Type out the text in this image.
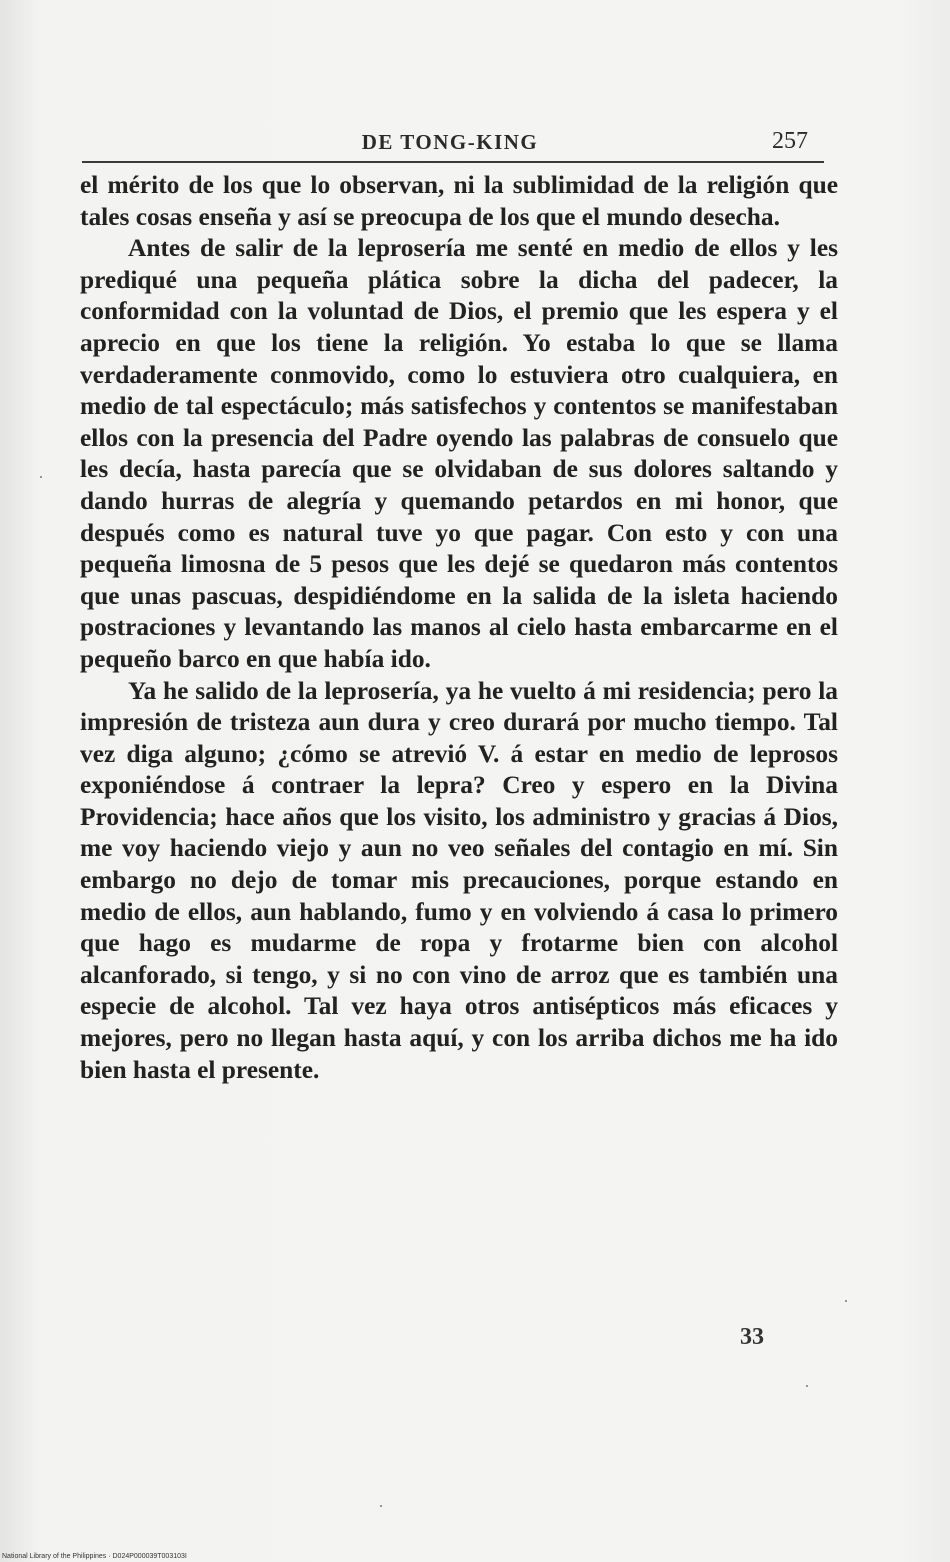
DE TONG-KING	257

el mérito de los que lo observan, ni la sublimidad de la religión que tales cosas enseña y así se preocupa de los que el mundo desecha.

Antes de salir de la leprosería me senté en medio de ellos y les prediqué una pequeña plática sobre la dicha del padecer, la conformidad con la voluntad de Dios, el premio que les espera y el aprecio en que los tiene la religión. Yo estaba lo que se llama verdaderamente conmovido, como lo estuviera otro cualquiera, en medio de tal espectáculo; más satisfechos y contentos se manifestaban ellos con la presencia del Padre oyendo las palabras de consuelo que les decía, hasta parecía que se olvidaban de sus dolores saltando y dando hurras de alegría y quemando petardos en mi honor, que después como es natural tuve yo que pagar. Con esto y con una pequeña limosna de 5 pesos que les dejé se quedaron más contentos que unas pascuas, despidiéndome en la salida de la isleta haciendo postraciones y levantando las manos al cielo hasta embarcarme en el pequeño barco en que había ido.

Ya he salido de la leprosería, ya he vuelto á mi residencia; pero la impresión de tristeza aun dura y creo durará por mucho tiempo. Tal vez diga alguno; ¿cómo se atrevió V. á estar en medio de leprosos exponiéndose á contraer la lepra? Creo y espero en la Divina Providencia; hace años que los visito, los administro y gracias á Dios, me voy haciendo viejo y aun no veo señales del contagio en mí. Sin embargo no dejo de tomar mis precauciones, porque estando en medio de ellos, aun hablando, fumo y en volviendo á casa lo primero que hago es mudarme de ropa y frotarme bien con alcohol alcanforado, si tengo, y si no con vino de arroz que es también una especie de alcohol. Tal vez haya otros antisépticos más eficaces y mejores, pero no llegan hasta aquí, y con los arriba dichos me ha ido bien hasta el presente.

33
National Library of the Philippines · D024P000039T003103I
